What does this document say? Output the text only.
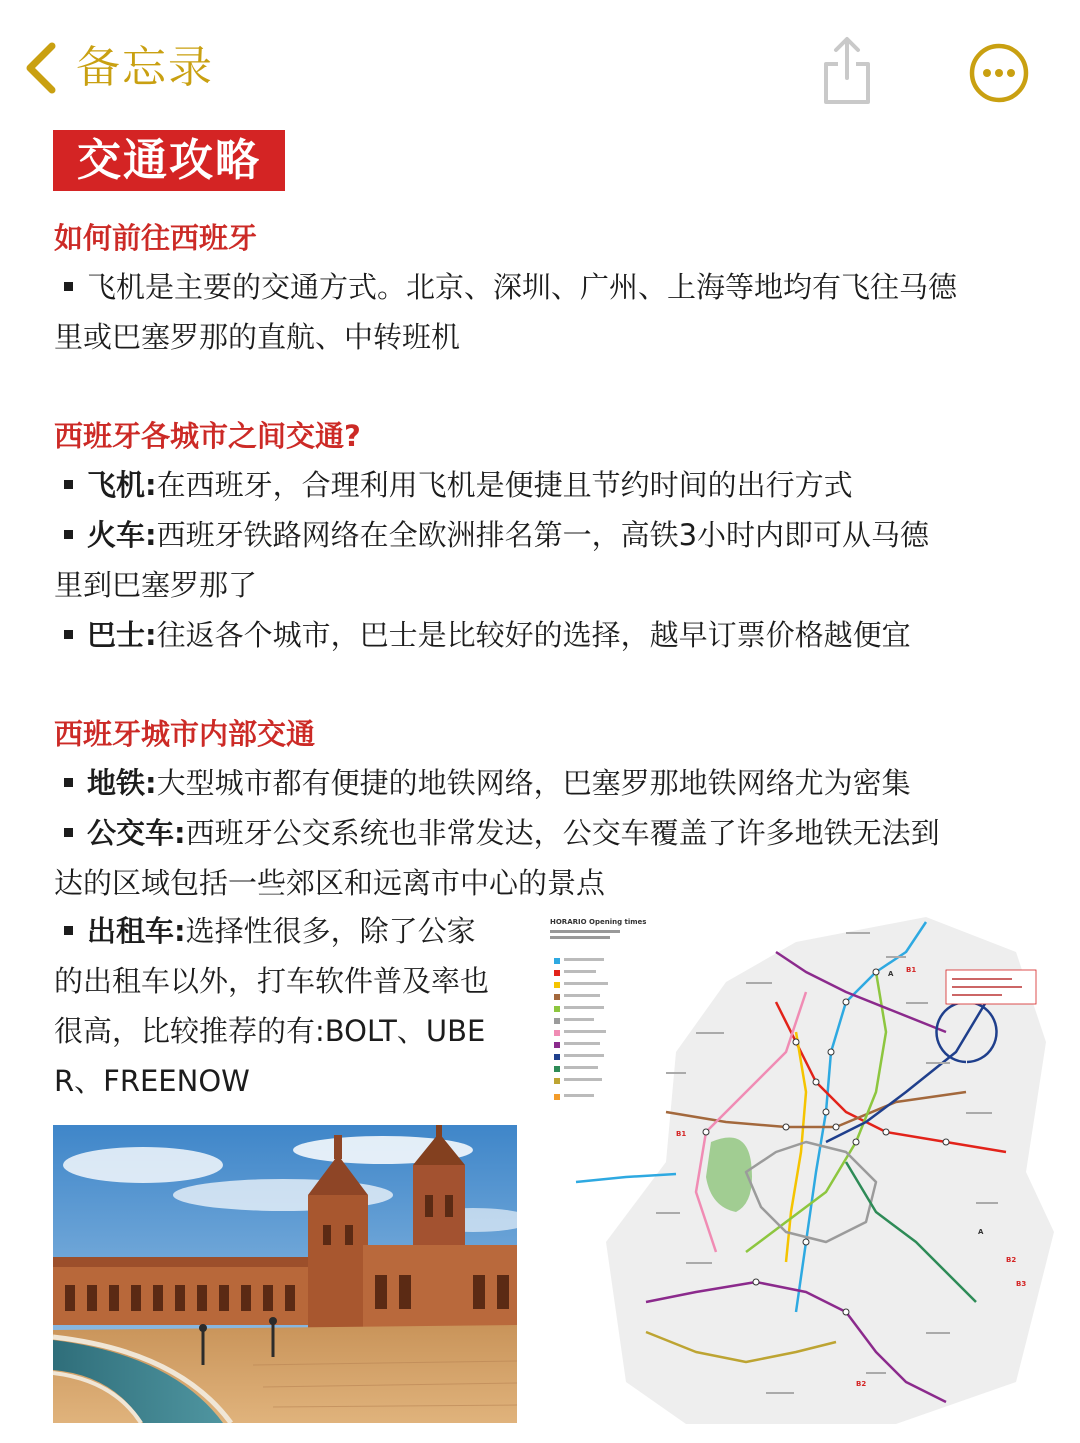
备忘录
交通攻略
如何前往西班牙
飞机是主要的交通方式。北京、深圳、广州、上海等地均有飞往马德
里或巴塞罗那的直航、中转班机
西班牙各城市之间交通?
飞机:在西班牙，合理利用飞机是便捷且节约时间的出行方式
火车:西班牙铁路网络在全欧洲排名第一，高铁3小时内即可从马德
里到巴塞罗那了
巴士:往返各个城市，巴士是比较好的选择，越早订票价格越便宜
西班牙城市内部交通
地铁:大型城市都有便捷的地铁网络，巴塞罗那地铁网络尤为密集
公交车:西班牙公交系统也非常发达，公交车覆盖了许多地铁无法到
达的区域包括一些郊区和远离市中心的景点
出租车:选择性很多，除了公家
的出租车以外，打车软件普及率也
很高，比较推荐的有:BOLT、UBE
R、FREENOW
HORARIO Opening times
B1
B1
B2
B3
B2
A
A
